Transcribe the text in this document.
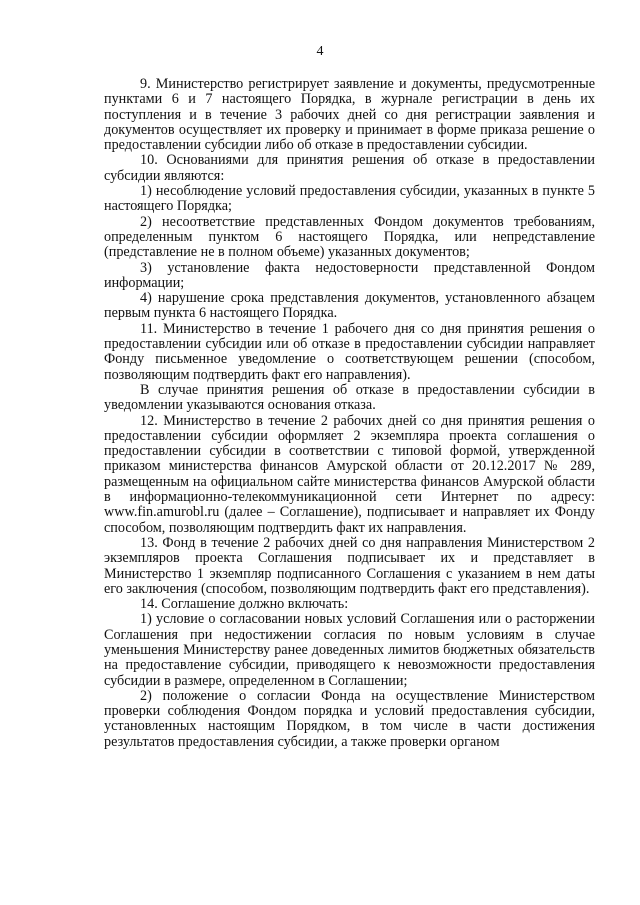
4

9. Министерство регистрирует заявление и документы, предусмотренные пунктами 6 и 7 настоящего Порядка, в журнале регистрации в день их поступления и в течение 3 рабочих дней со дня регистрации заявления и документов осуществляет их проверку и принимает в форме приказа решение о предоставлении субсидии либо об отказе в предоставлении субсидии.

10. Основаниями для принятия решения об отказе в предоставлении субсидии являются:

1) несоблюдение условий предоставления субсидии, указанных в пункте 5 настоящего Порядка;

2) несоответствие представленных Фондом документов требованиям, определенным пунктом 6 настоящего Порядка, или непредставление (представление не в полном объеме) указанных документов;

3) установление факта недостоверности представленной Фондом информации;

4) нарушение срока представления документов, установленного абзацем первым пункта 6 настоящего Порядка.

11. Министерство в течение 1 рабочего дня со дня принятия решения о предоставлении субсидии или об отказе в предоставлении субсидии направляет Фонду письменное уведомление о соответствующем решении (способом, позволяющим подтвердить факт его направления).

В случае принятия решения об отказе в предоставлении субсидии в уведомлении указываются основания отказа.

12. Министерство в течение 2 рабочих дней со дня принятия решения о предоставлении субсидии оформляет 2 экземпляра проекта соглашения о предоставлении субсидии в соответствии с типовой формой, утвержденной приказом министерства финансов Амурской области от 20.12.2017 № 289, размещенным на официальном сайте министерства финансов Амурской области в информационно-телекоммуникационной сети Интернет по адресу: www.fin.amurobl.ru (далее – Соглашение), подписывает и направляет их Фонду способом, позволяющим подтвердить факт их направления.

13. Фонд в течение 2 рабочих дней со дня направления Министерством 2 экземпляров проекта Соглашения подписывает их и представляет в Министерство 1 экземпляр подписанного Соглашения с указанием в нем даты его заключения (способом, позволяющим подтвердить факт его представления).

14. Соглашение должно включать:

1) условие о согласовании новых условий Соглашения или о расторжении Соглашения при недостижении согласия по новым условиям в случае уменьшения Министерству ранее доведенных лимитов бюджетных обязательств на предоставление субсидии, приводящего к невозможности предоставления субсидии в размере, определенном в Соглашении;

2) положение о согласии Фонда на осуществление Министерством проверки соблюдения Фондом порядка и условий предоставления субсидии, установленных настоящим Порядком, в том числе в части достижения результатов предоставления субсидии, а также проверки органом
